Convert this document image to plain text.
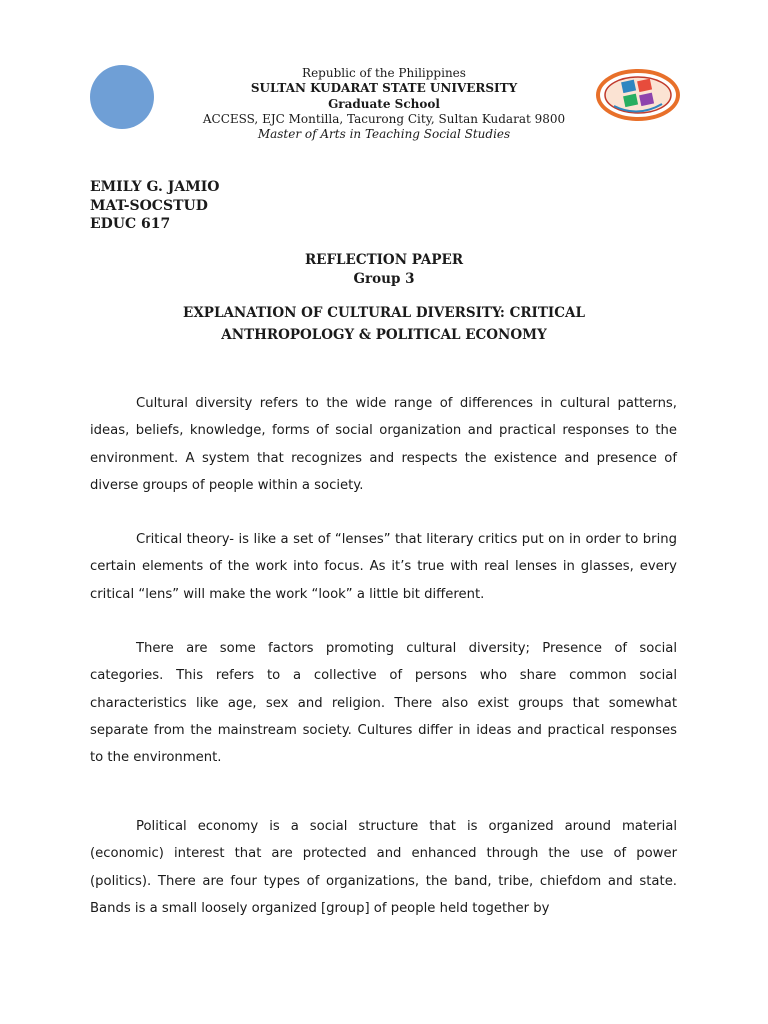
Republic of the Philippines
SULTAN KUDARAT STATE UNIVERSITY
Graduate School
ACCESS, EJC Montilla, Tacurong City, Sultan Kudarat 9800
Master of Arts in Teaching Social Studies
EMILY G. JAMIO
MAT-SOCSTUD
EDUC 617
REFLECTION PAPER
Group 3
EXPLANATION OF CULTURAL DIVERSITY: CRITICAL
ANTHROPOLOGY & POLITICAL ECONOMY

Cultural diversity refers to the wide range of differences in cultural patterns, ideas, beliefs, knowledge, forms of social organization and practical responses to the environment. A system that recognizes and respects the existence and presence of diverse groups of people within a society.

Critical theory- is like a set of “lenses” that literary critics put on in order to bring certain elements of the work into focus. As it’s true with real lenses in glasses, every critical “lens” will make the work “look” a little bit different.

There are some factors promoting cultural diversity; Presence of social categories. This refers to a collective of persons who share common social characteristics like age, sex and religion. There also exist groups that somewhat separate from the mainstream society. Cultures differ in ideas and practical responses to the environment.

Political economy is a social structure that is organized around material (economic) interest that are protected and enhanced through the use of power (politics). There are four types of organizations, the band, tribe, chiefdom and state. Bands is a small loosely organized [group] of people held together by
